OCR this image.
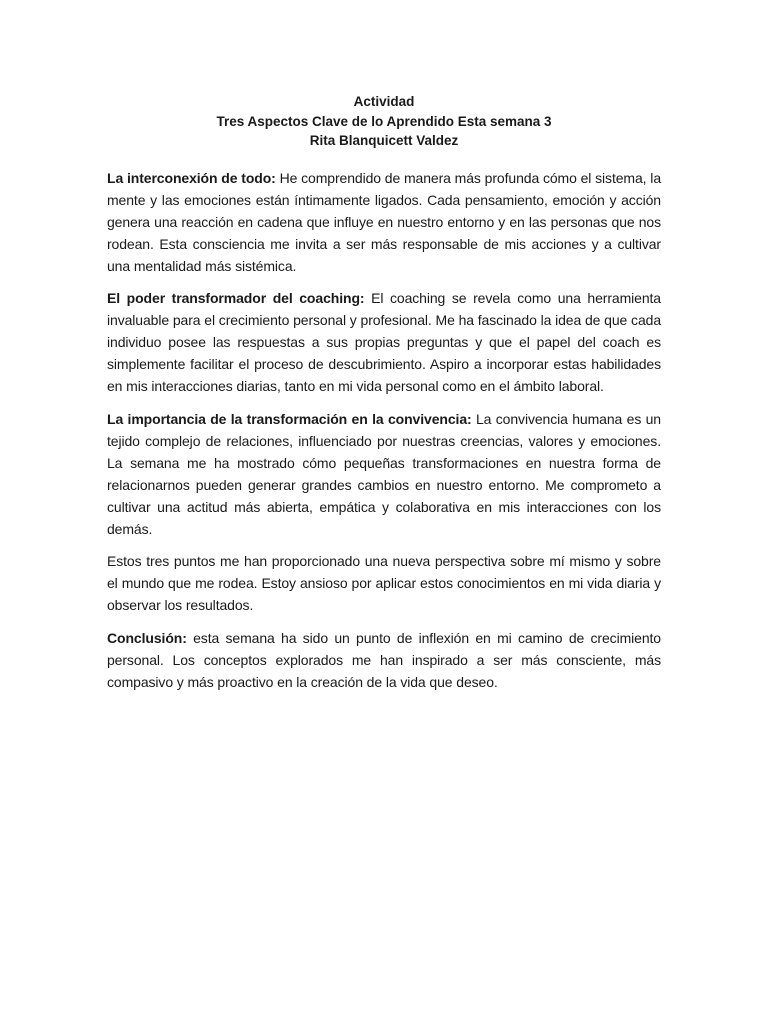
Actividad
Tres Aspectos Clave de lo Aprendido Esta semana 3
Rita Blanquicett Valdez

La interconexión de todo: He comprendido de manera más profunda cómo el sistema, la mente y las emociones están íntimamente ligados. Cada pensamiento, emoción y acción genera una reacción en cadena que influye en nuestro entorno y en las personas que nos rodean. Esta consciencia me invita a ser más responsable de mis acciones y a cultivar una mentalidad más sistémica.

El poder transformador del coaching: El coaching se revela como una herramienta invaluable para el crecimiento personal y profesional. Me ha fascinado la idea de que cada individuo posee las respuestas a sus propias preguntas y que el papel del coach es simplemente facilitar el proceso de descubrimiento. Aspiro a incorporar estas habilidades en mis interacciones diarias, tanto en mi vida personal como en el ámbito laboral.

La importancia de la transformación en la convivencia: La convivencia humana es un tejido complejo de relaciones, influenciado por nuestras creencias, valores y emociones. La semana me ha mostrado cómo pequeñas transformaciones en nuestra forma de relacionarnos pueden generar grandes cambios en nuestro entorno. Me comprometo a cultivar una actitud más abierta, empática y colaborativa en mis interacciones con los demás.

Estos tres puntos me han proporcionado una nueva perspectiva sobre mí mismo y sobre el mundo que me rodea. Estoy ansioso por aplicar estos conocimientos en mi vida diaria y observar los resultados.

Conclusión: esta semana ha sido un punto de inflexión en mi camino de crecimiento personal. Los conceptos explorados me han inspirado a ser más consciente, más compasivo y más proactivo en la creación de la vida que deseo.
